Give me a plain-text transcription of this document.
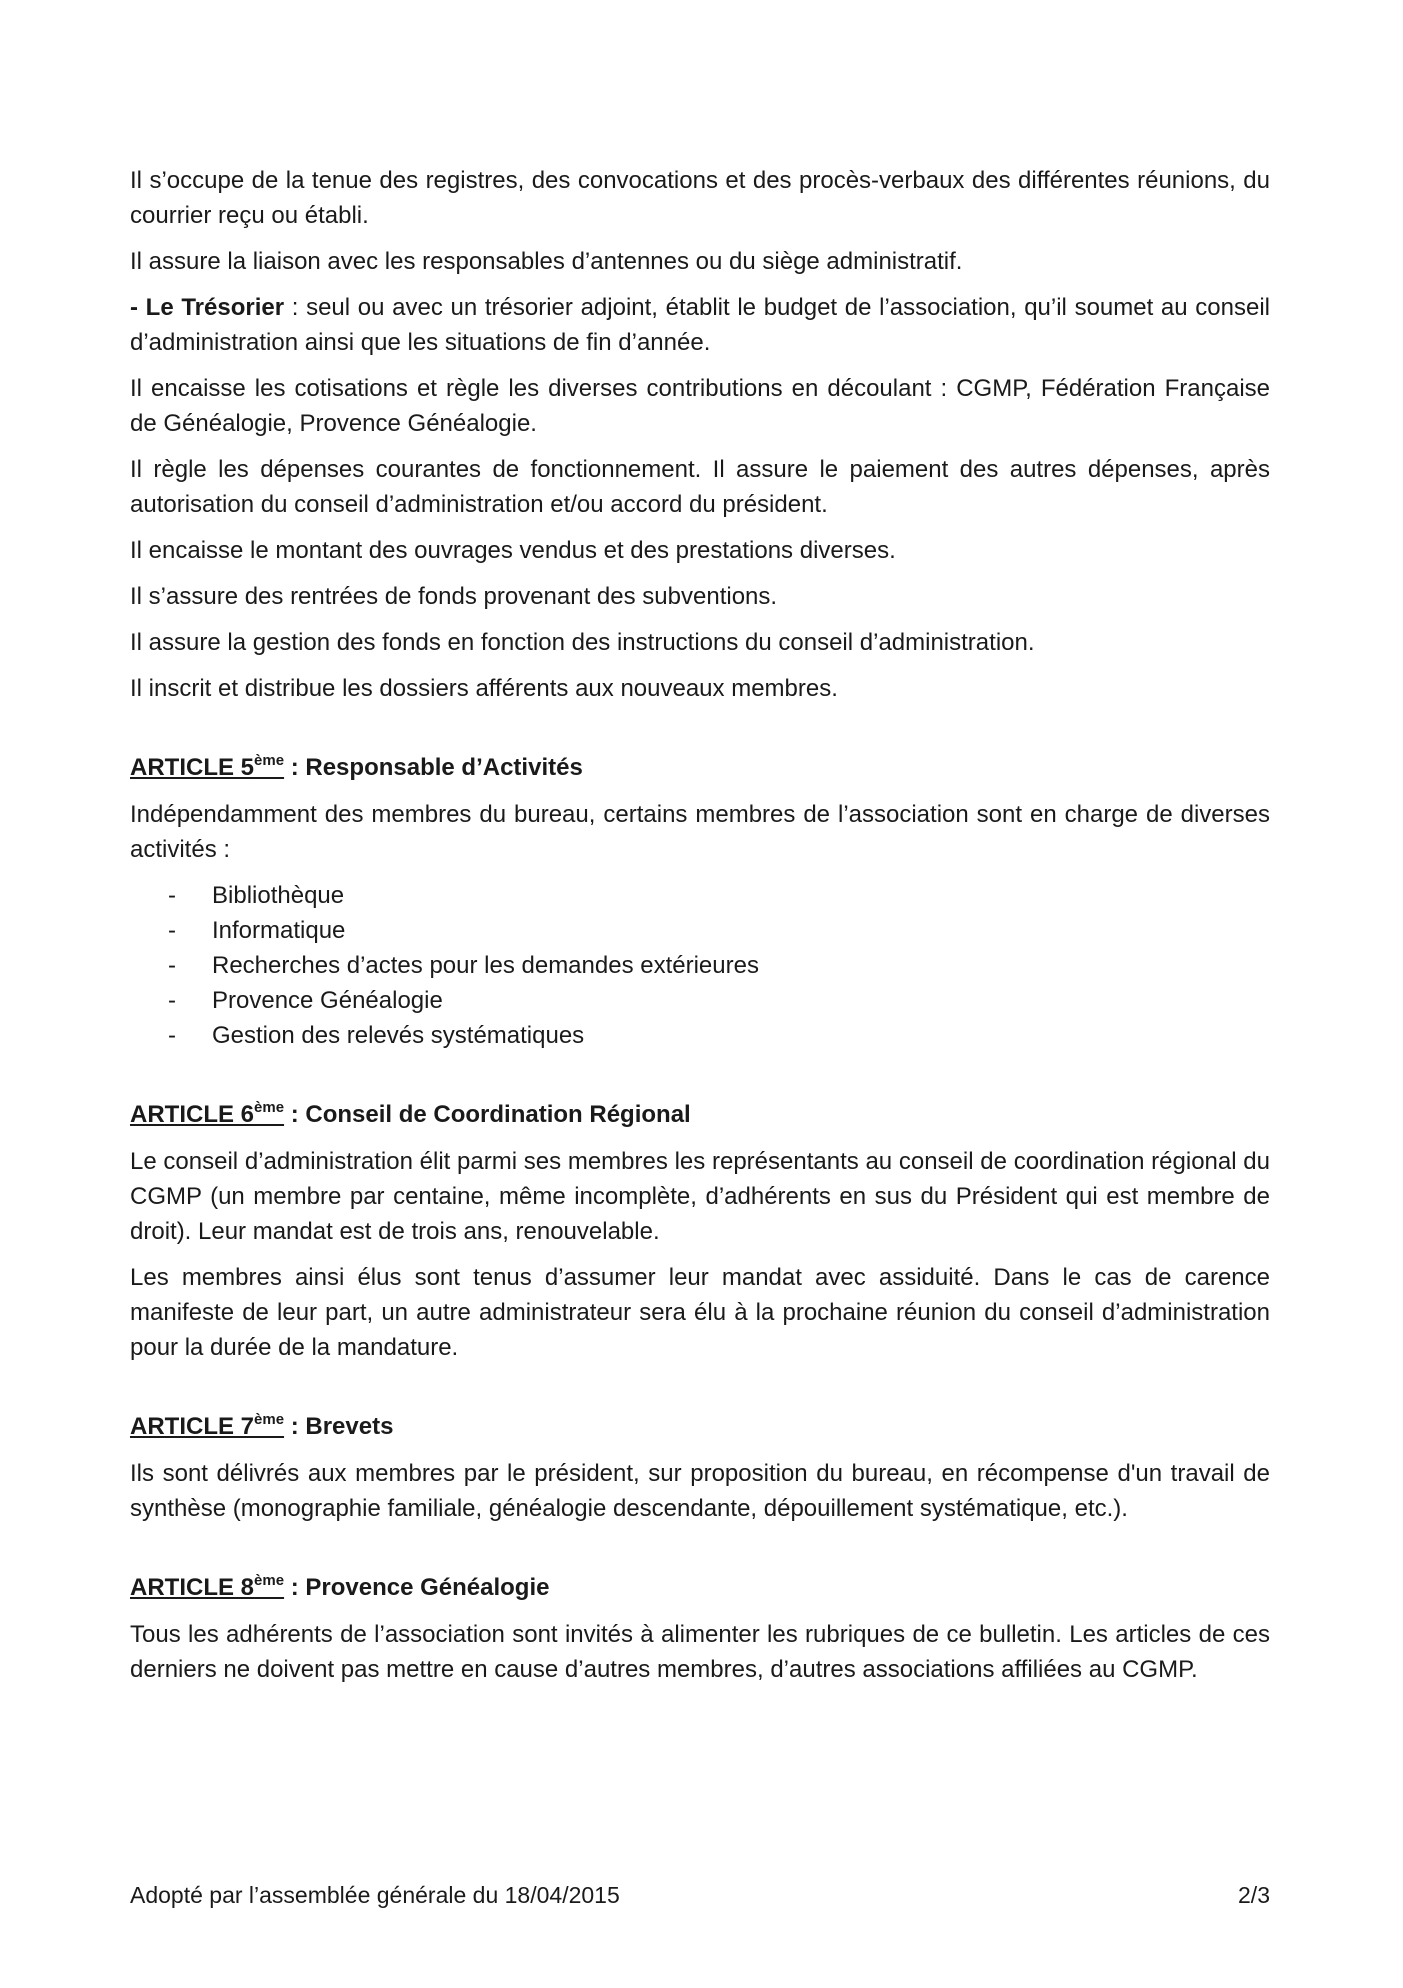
Il s’occupe de la tenue des registres, des convocations et des procès-verbaux des différentes réunions, du courrier reçu ou établi.

Il assure la liaison avec les responsables d’antennes ou du siège administratif.

- Le Trésorier : seul ou avec un trésorier adjoint, établit le budget de l’association, qu’il soumet au conseil d’administration ainsi que les situations de fin d’année.

Il encaisse les cotisations et règle les diverses contributions en découlant : CGMP, Fédération Française de Généalogie, Provence Généalogie.

Il règle les dépenses courantes de fonctionnement. Il assure le paiement des autres dépenses, après autorisation du conseil d’administration et/ou accord du président.

Il encaisse le montant des ouvrages vendus et des prestations diverses.

Il s’assure des rentrées de fonds provenant des subventions.

Il assure la gestion des fonds en fonction des instructions du conseil d’administration.

Il inscrit et distribue les dossiers afférents aux nouveaux membres.

ARTICLE 5ème : Responsable d’Activités

Indépendamment des membres du bureau, certains membres de l’association sont en charge de diverses activités :

- Bibliothèque
- Informatique
- Recherches d’actes pour les demandes extérieures
- Provence Généalogie
- Gestion des relevés systématiques
ARTICLE 6ème : Conseil de Coordination Régional

Le conseil d’administration élit parmi ses membres les représentants au conseil de coordination régional du CGMP (un membre par centaine, même incomplète, d’adhérents en sus du Président qui est membre de droit). Leur mandat est de trois ans, renouvelable.

Les membres ainsi élus sont tenus d’assumer leur mandat avec assiduité. Dans le cas de carence manifeste de leur part, un autre administrateur sera élu à la prochaine réunion du conseil d’administration pour la durée de la mandature.

ARTICLE 7ème : Brevets

Ils sont délivrés aux membres par le président, sur proposition du bureau, en récompense d'un travail de synthèse (monographie familiale, généalogie descendante, dépouillement systématique, etc.).

ARTICLE 8ème : Provence Généalogie

Tous les adhérents de l’association sont invités à alimenter les rubriques de ce bulletin. Les articles de ces derniers ne doivent pas mettre en cause d’autres membres, d’autres associations affiliées au CGMP.

Adopté par l’assemblée générale du 18/04/2015	2/3
